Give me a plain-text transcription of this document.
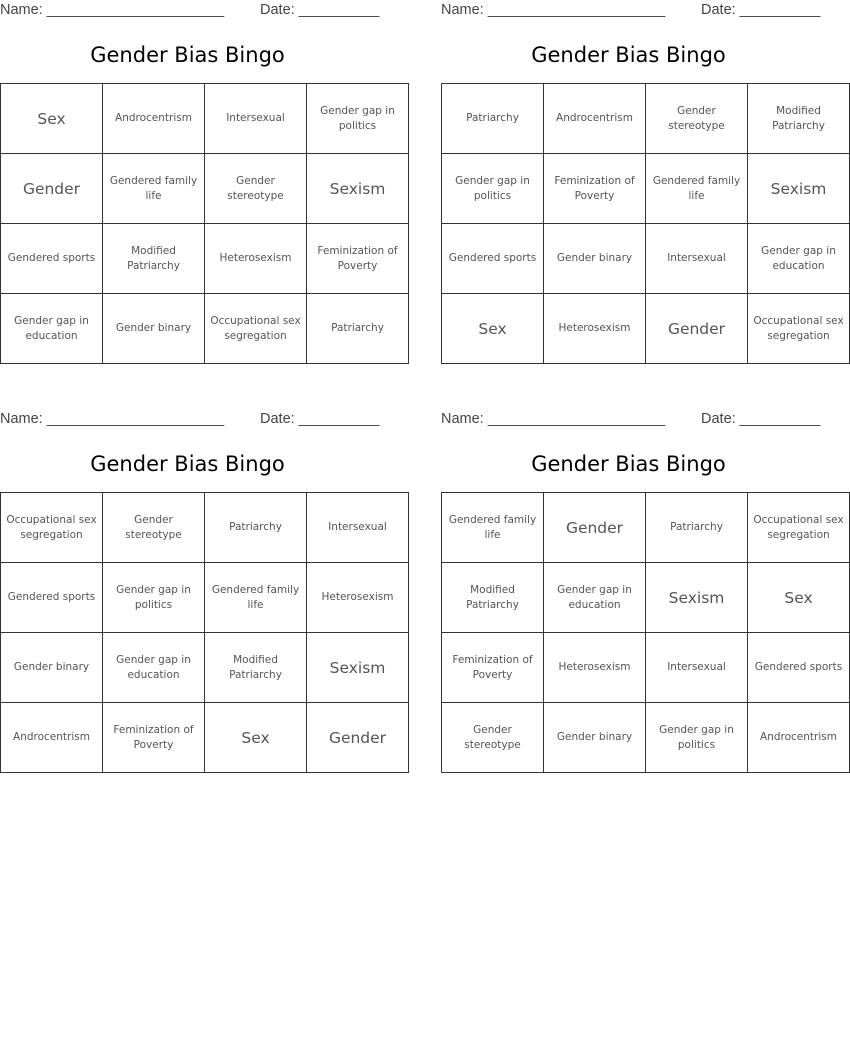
Name: ______________________ Date: __________
Gender Bias Bingo
Sex	Androcentrism	Intersexual	Gender gap in politics
Gender	Gendered family life	Gender stereotype	Sexism
Gendered sports	Modified Patriarchy	Heterosexism	Feminization of Poverty
Gender gap in education	Gender binary	Occupational sex segregation	Patriarchy
Name: ______________________ Date: __________
Gender Bias Bingo
Patriarchy	Androcentrism	Gender stereotype	Modified Patriarchy
Gender gap in politics	Feminization of Poverty	Gendered family life	Sexism
Gendered sports	Gender binary	Intersexual	Gender gap in education
Sex	Heterosexism	Gender	Occupational sex segregation
Name: ______________________ Date: __________
Gender Bias Bingo
Occupational sex segregation	Gender stereotype	Patriarchy	Intersexual
Gendered sports	Gender gap in politics	Gendered family life	Heterosexism
Gender binary	Gender gap in education	Modified Patriarchy	Sexism
Androcentrism	Feminization of Poverty	Sex	Gender
Name: ______________________ Date: __________
Gender Bias Bingo
Gendered family life	Gender	Patriarchy	Occupational sex segregation
Modified Patriarchy	Gender gap in education	Sexism	Sex
Feminization of Poverty	Heterosexism	Intersexual	Gendered sports
Gender stereotype	Gender binary	Gender gap in politics	Androcentrism
